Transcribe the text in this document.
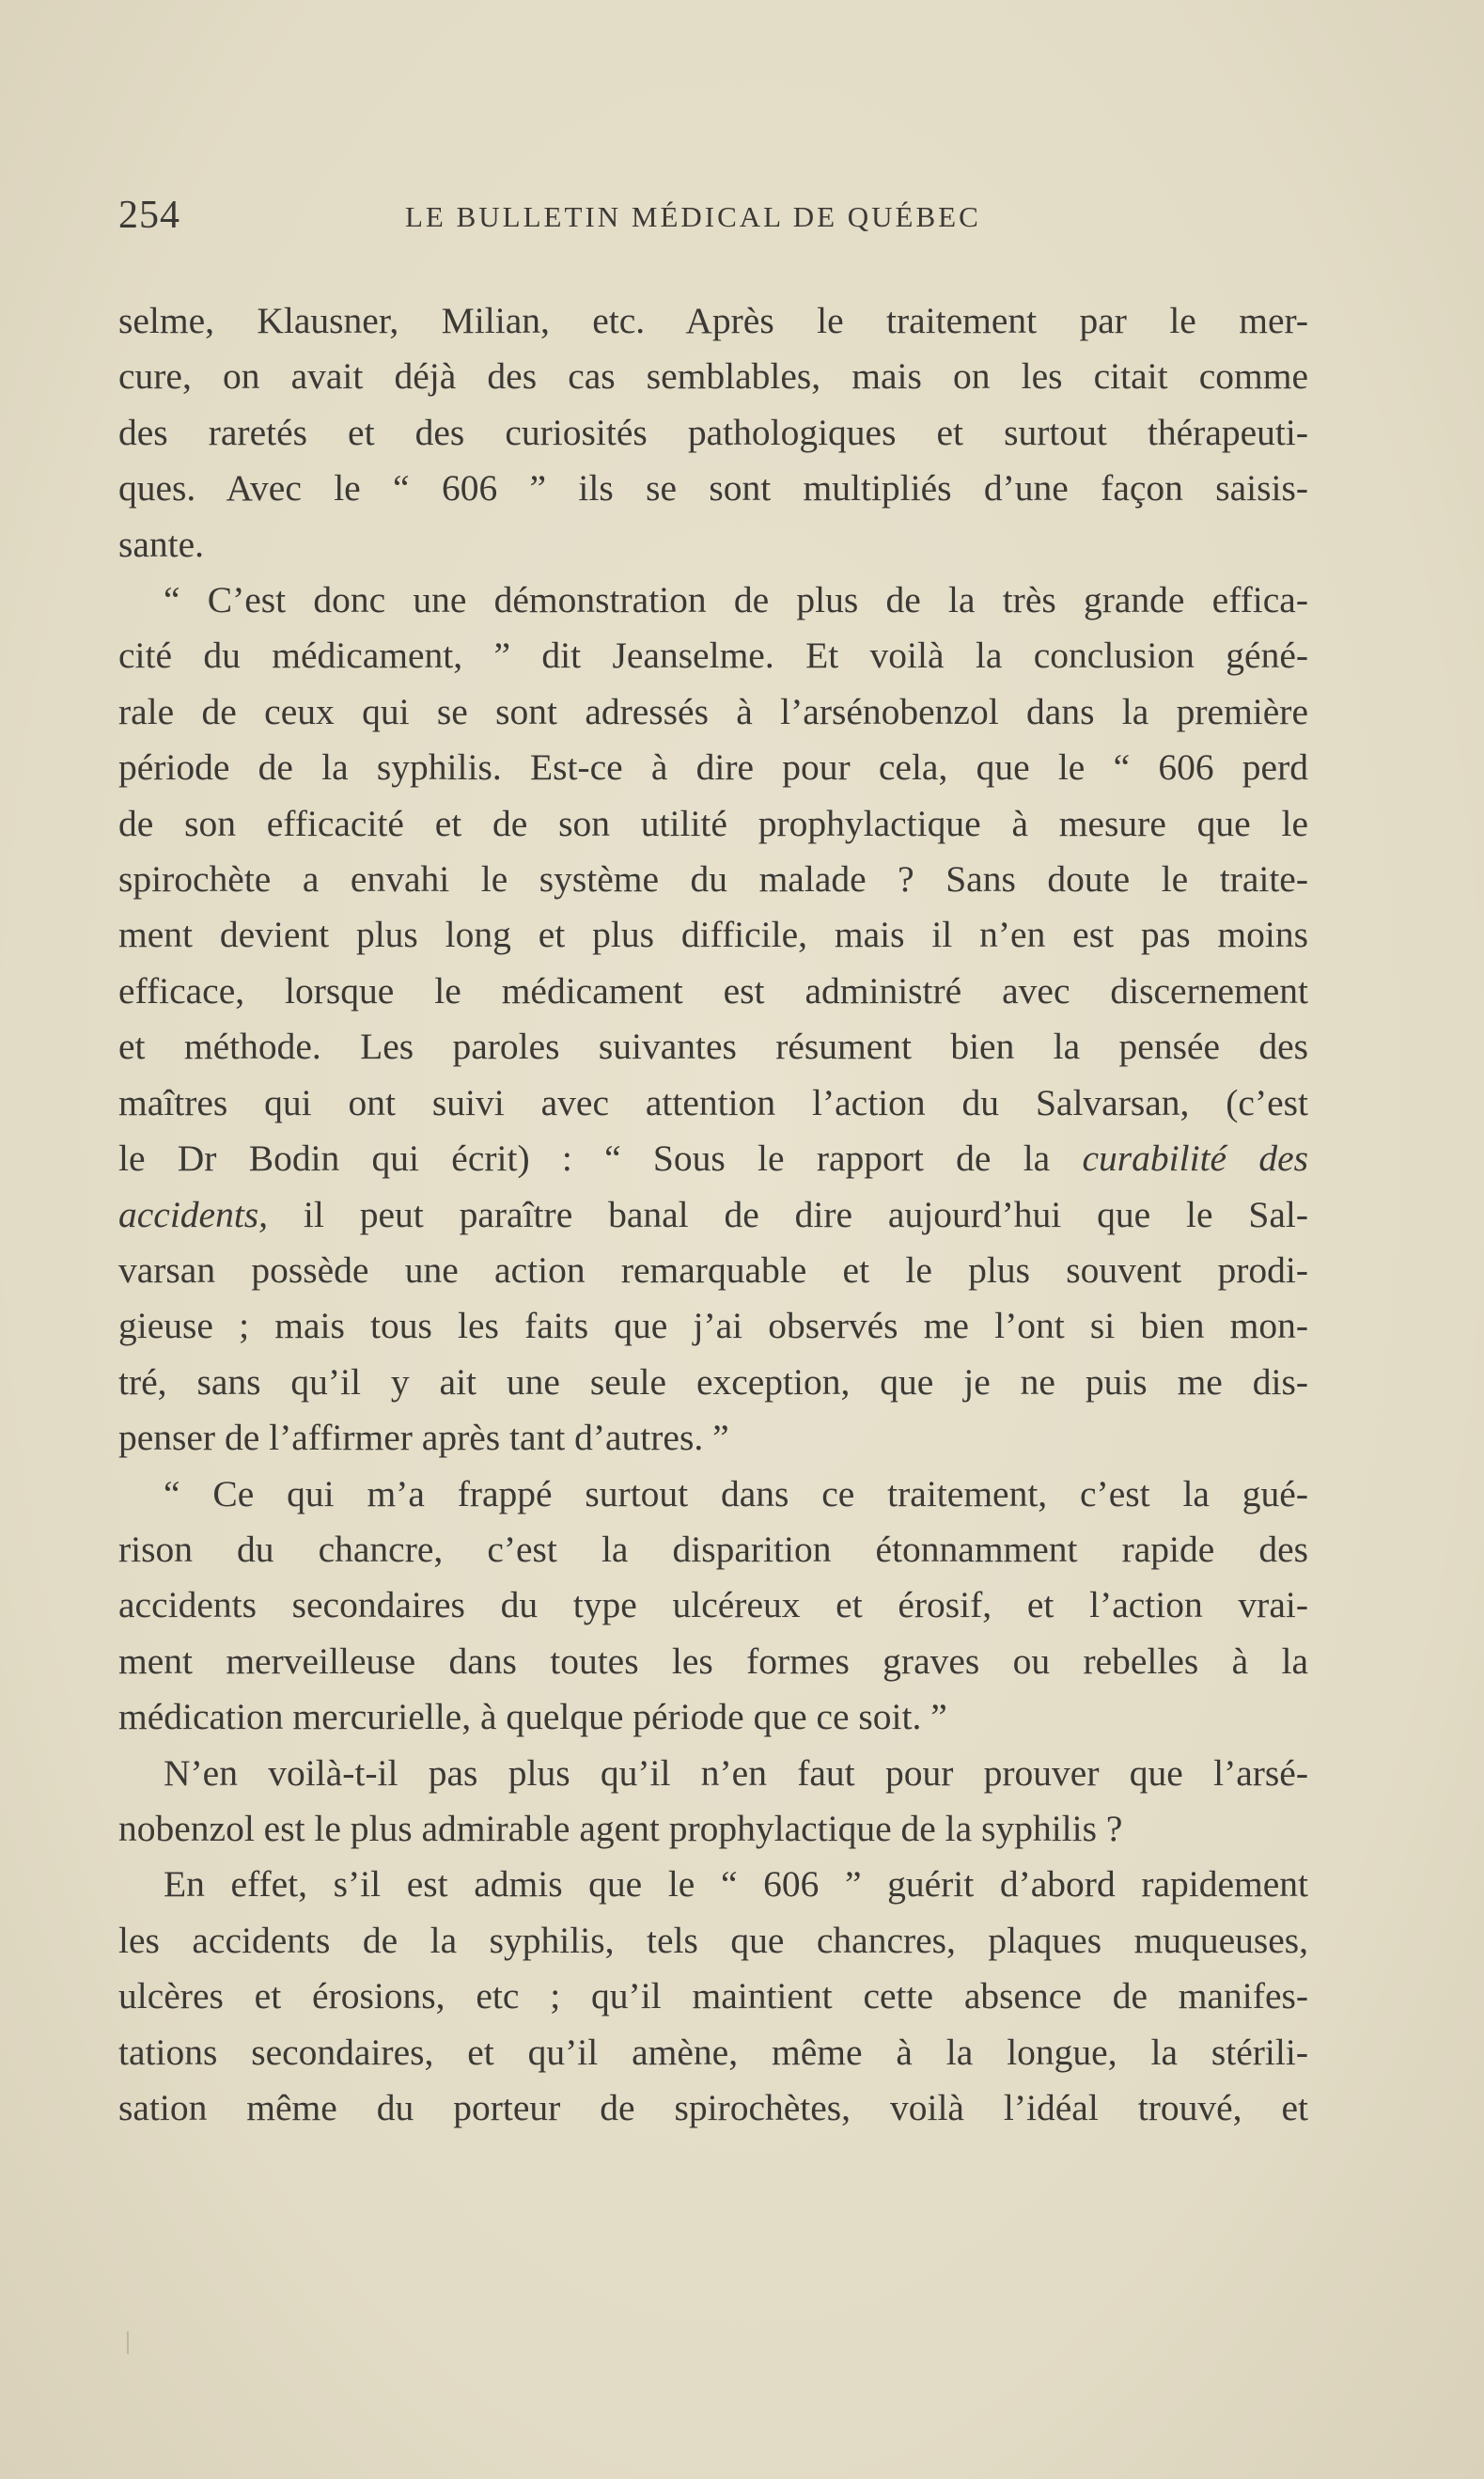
254	LE BULLETIN MÉDICAL DE QUÉBEC
selme, Klausner, Milian, etc. Après le traitement par le mer-
cure, on avait déjà des cas semblables, mais on les citait comme
des raretés et des curiosités pathologiques et surtout thérapeuti-
ques. Avec le “ 606 ” ils se sont multipliés d’une façon saisis-
sante.
“ C’est donc une démonstration de plus de la très grande effica-
cité du médicament, ” dit Jeanselme. Et voilà la conclusion géné-
rale de ceux qui se sont adressés à l’arsénobenzol dans la première
période de la syphilis. Est-ce à dire pour cela, que le “ 606 perd
de son efficacité et de son utilité prophylactique à mesure que le
spirochète a envahi le système du malade ? Sans doute le traite-
ment devient plus long et plus difficile, mais il n’en est pas moins
efficace, lorsque le médicament est administré avec discernement
et méthode. Les paroles suivantes résument bien la pensée des
maîtres qui ont suivi avec attention l’action du Salvarsan, (c’est
le Dr Bodin qui écrit) : “ Sous le rapport de la curabilité des
accidents, il peut paraître banal de dire aujourd’hui que le Sal-
varsan possède une action remarquable et le plus souvent prodi-
gieuse ; mais tous les faits que j’ai observés me l’ont si bien mon-
tré, sans qu’il y ait une seule exception, que je ne puis me dis-
penser de l’affirmer après tant d’autres. ”
“ Ce qui m’a frappé surtout dans ce traitement, c’est la gué-
rison du chancre, c’est la disparition étonnamment rapide des
accidents secondaires du type ulcéreux et érosif, et l’action vrai-
ment merveilleuse dans toutes les formes graves ou rebelles à la
médication mercurielle, à quelque période que ce soit. ”
N’en voilà-t-il pas plus qu’il n’en faut pour prouver que l’arsé-
nobenzol est le plus admirable agent prophylactique de la syphilis ?
En effet, s’il est admis que le “ 606 ” guérit d’abord rapidement
les accidents de la syphilis, tels que chancres, plaques muqueuses,
ulcères et érosions, etc ; qu’il maintient cette absence de manifes-
tations secondaires, et qu’il amène, même à la longue, la stérili-
sation même du porteur de spirochètes, voilà l’idéal trouvé, et
